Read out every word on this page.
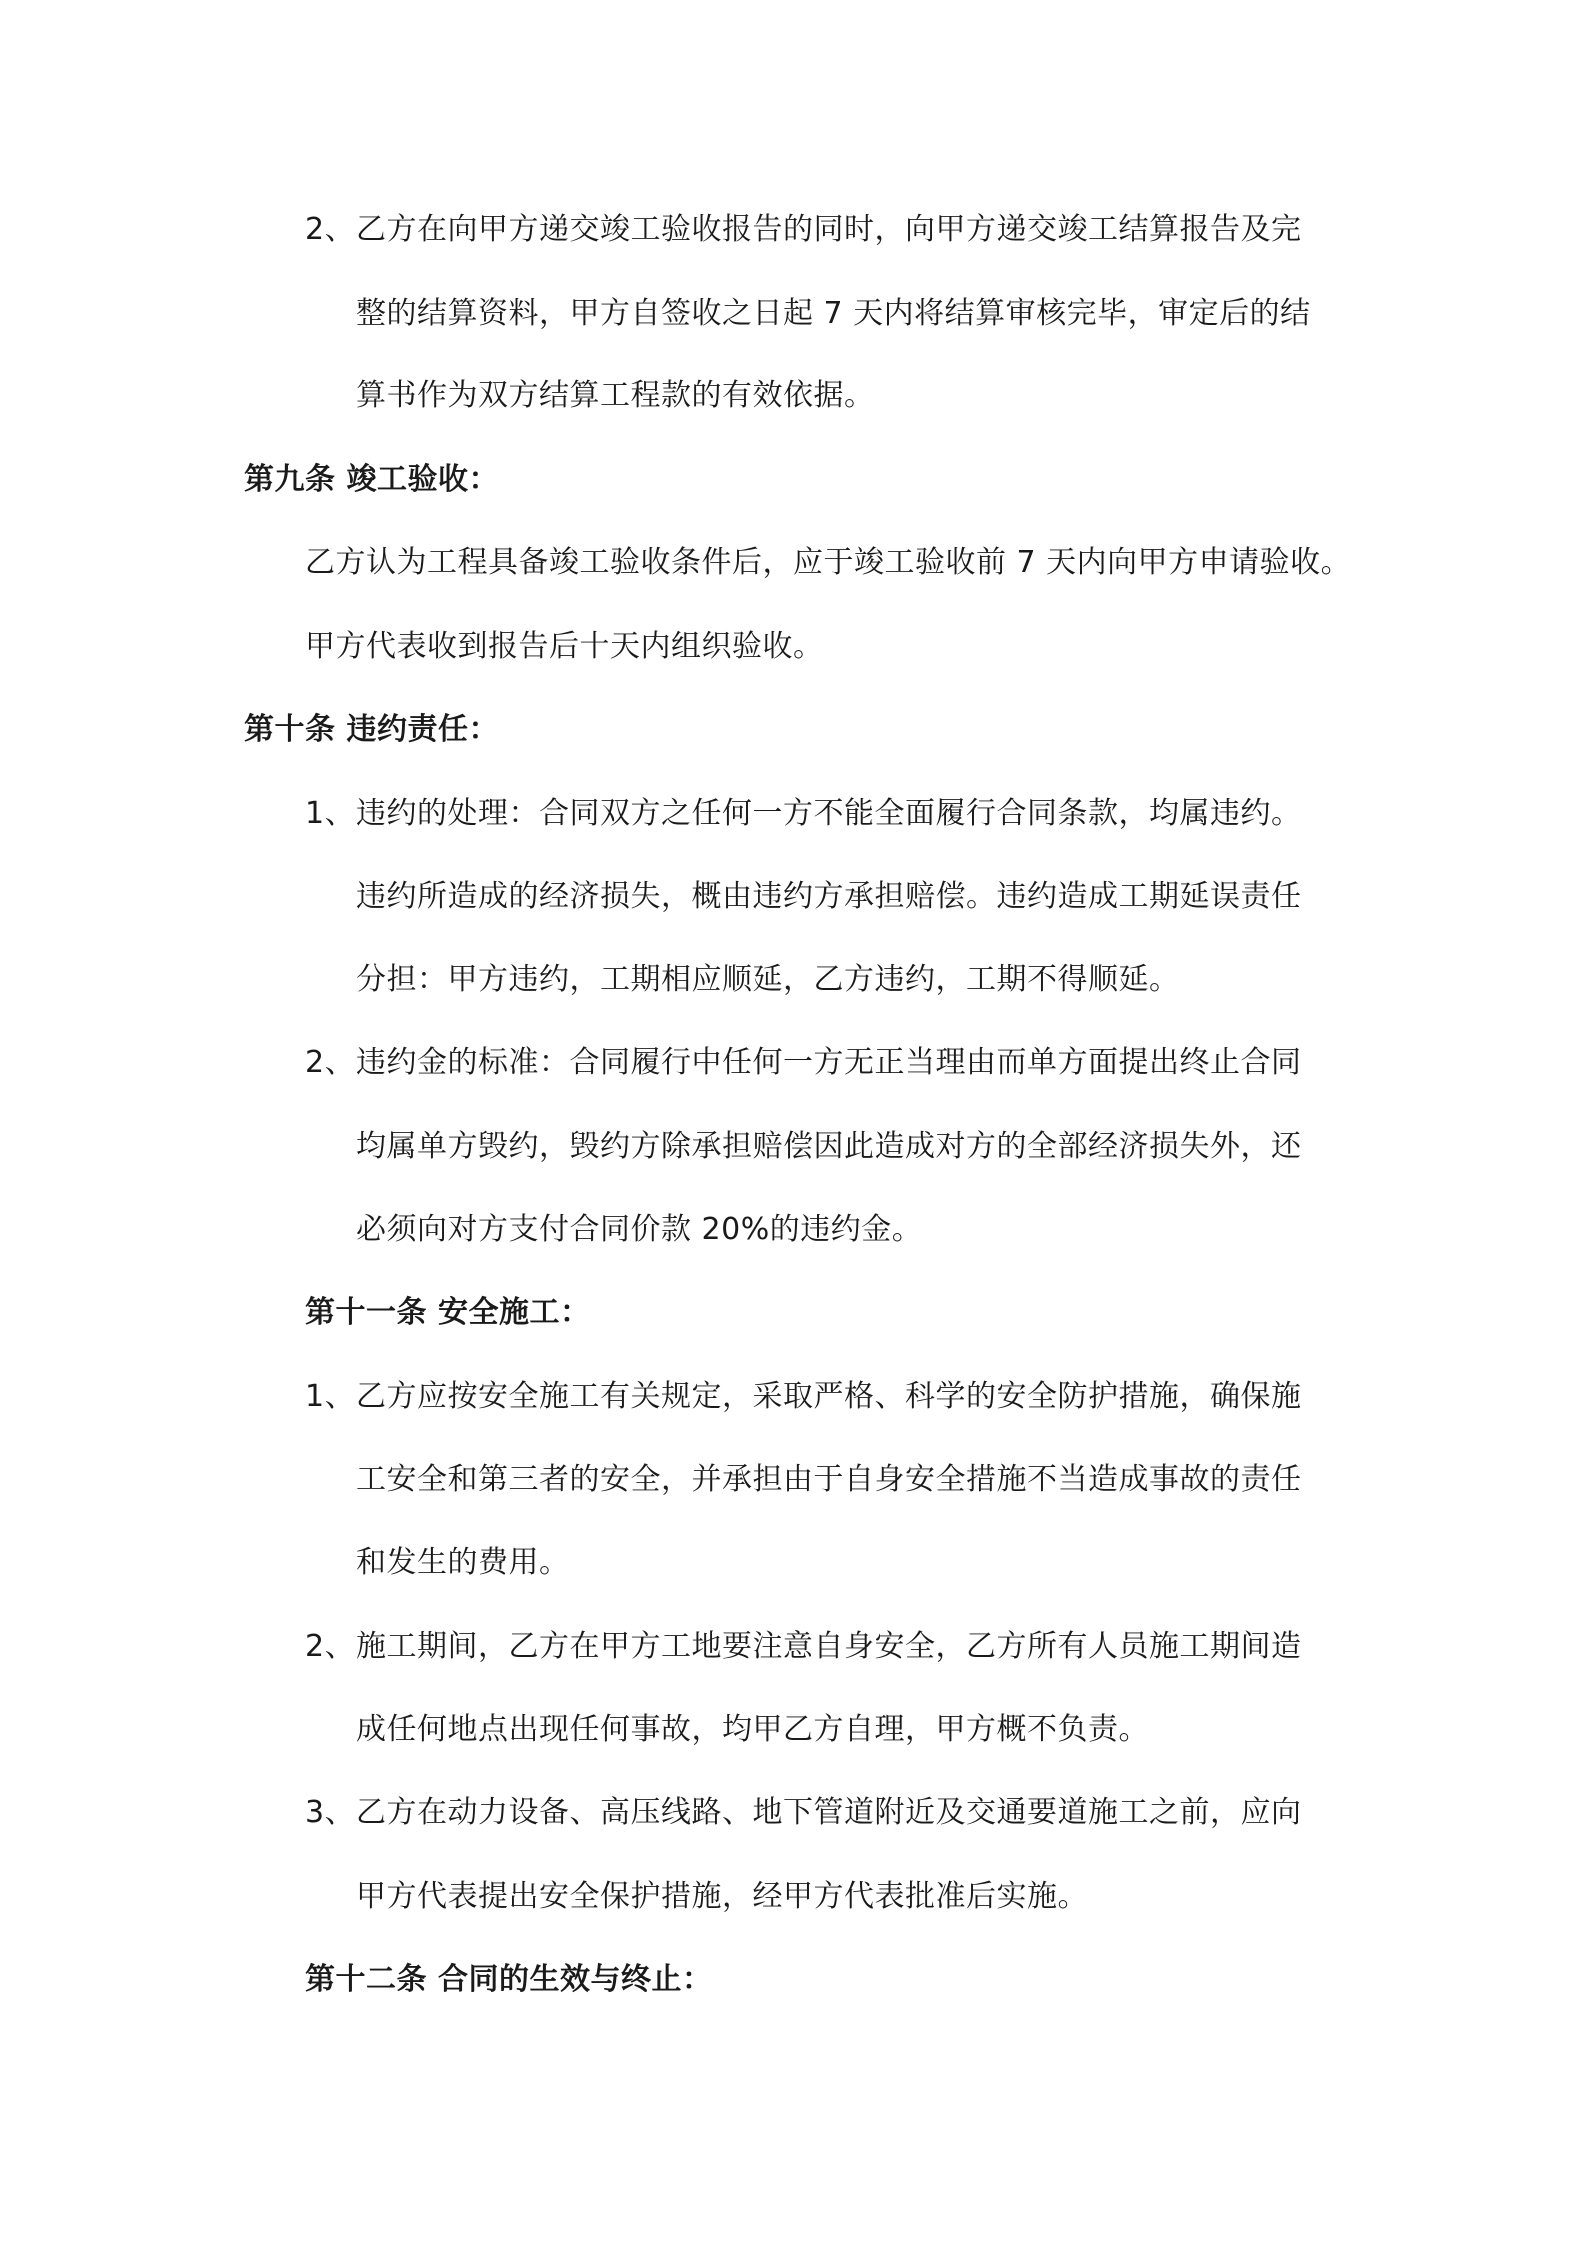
2、 乙方在向甲方递交竣工验收报告的同时，向甲方递交竣工结算报告及完
整的结算资料，甲方自签收之日起 7 天内将结算审核完毕，审定后的结
算书作为双方结算工程款的有效依据。
第九条 竣工验收：
乙方认为工程具备竣工验收条件后，应于竣工验收前 7 天内向甲方申请验收。
甲方代表收到报告后十天内组织验收。
第十条 违约责任：
1、 违约的处理：合同双方之任何一方不能全面履行合同条款，均属违约。
违约所造成的经济损失，概由违约方承担赔偿。违约造成工期延误责任
分担：甲方违约，工期相应顺延，乙方违约，工期不得顺延。
2、 违约金的标准：合同履行中任何一方无正当理由而单方面提出终止合同
均属单方毁约，毁约方除承担赔偿因此造成对方的全部经济损失外，还
必须向对方支付合同价款 20%的违约金。
第十一条 安全施工：
1、 乙方应按安全施工有关规定，采取严格、科学的安全防护措施，确保施
工安全和第三者的安全，并承担由于自身安全措施不当造成事故的责任
和发生的费用。
2、 施工期间，乙方在甲方工地要注意自身安全，乙方所有人员施工期间造
成任何地点出现任何事故，均甲乙方自理，甲方概不负责。
3、 乙方在动力设备、高压线路、地下管道附近及交通要道施工之前，应向
甲方代表提出安全保护措施，经甲方代表批准后实施。
第十二条 合同的生效与终止：
